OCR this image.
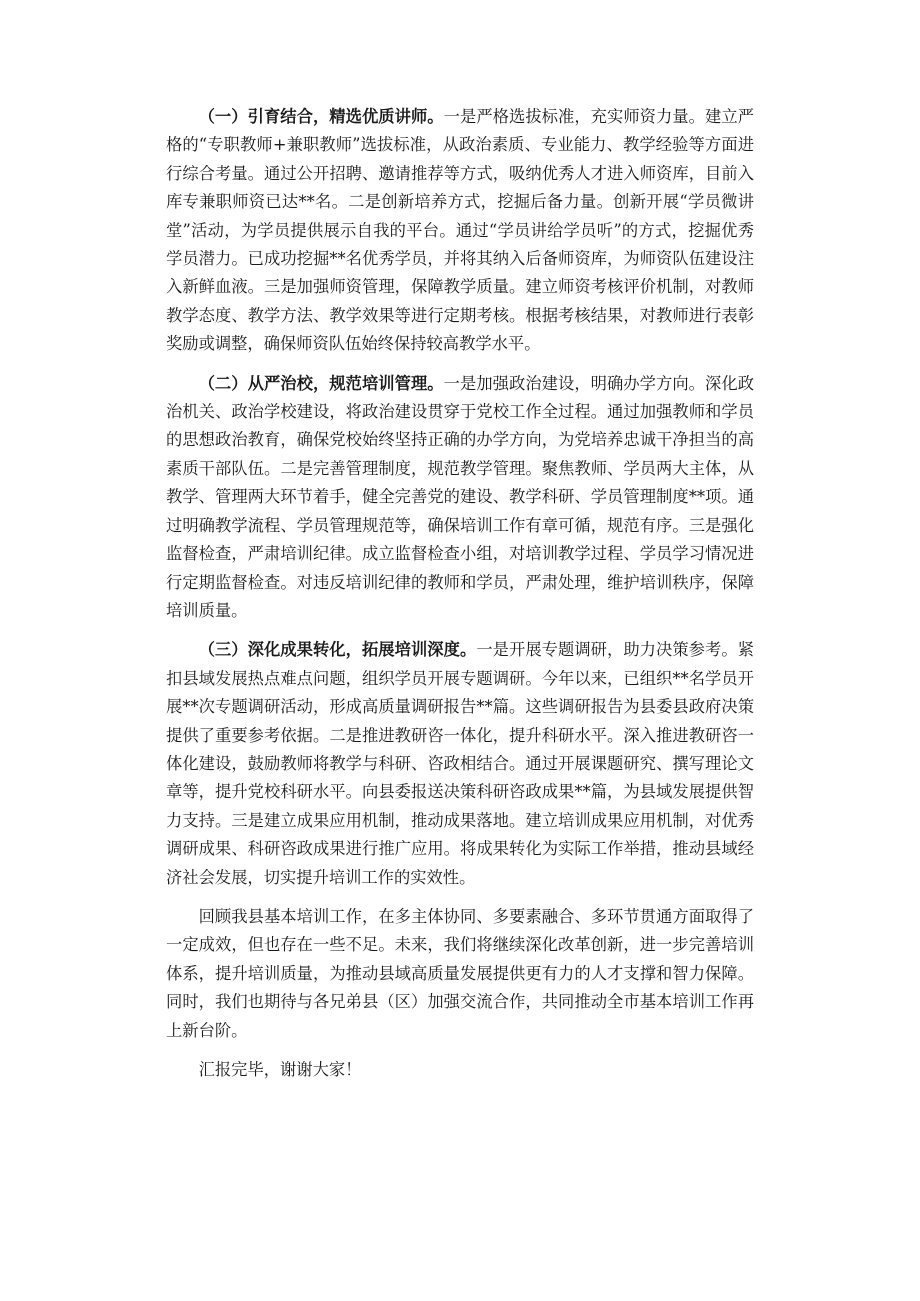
（一）引育结合，精选优质讲师。一是严格选拔标准，充实师资力量。建立严格的“专职教师+兼职教师”选拔标准，从政治素质、专业能力、教学经验等方面进行综合考量。通过公开招聘、邀请推荐等方式，吸纳优秀人才进入师资库，目前入库专兼职师资已达**名。二是创新培养方式，挖掘后备力量。创新开展“学员微讲堂”活动，为学员提供展示自我的平台。通过“学员讲给学员听”的方式，挖掘优秀学员潜力。已成功挖掘**名优秀学员，并将其纳入后备师资库，为师资队伍建设注入新鲜血液。三是加强师资管理，保障教学质量。建立师资考核评价机制，对教师教学态度、教学方法、教学效果等进行定期考核。根据考核结果，对教师进行表彰奖励或调整，确保师资队伍始终保持较高教学水平。

（二）从严治校，规范培训管理。一是加强政治建设，明确办学方向。深化政治机关、政治学校建设，将政治建设贯穿于党校工作全过程。通过加强教师和学员的思想政治教育，确保党校始终坚持正确的办学方向，为党培养忠诚干净担当的高素质干部队伍。二是完善管理制度，规范教学管理。聚焦教师、学员两大主体，从教学、管理两大环节着手，健全完善党的建设、教学科研、学员管理制度**项。通过明确教学流程、学员管理规范等，确保培训工作有章可循，规范有序。三是强化监督检查，严肃培训纪律。成立监督检查小组，对培训教学过程、学员学习情况进行定期监督检查。对违反培训纪律的教师和学员，严肃处理，维护培训秩序，保障培训质量。

（三）深化成果转化，拓展培训深度。一是开展专题调研，助力决策参考。紧扣县域发展热点难点问题，组织学员开展专题调研。今年以来，已组织**名学员开展**次专题调研活动，形成高质量调研报告**篇。这些调研报告为县委县政府决策提供了重要参考依据。二是推进教研咨一体化，提升科研水平。深入推进教研咨一体化建设，鼓励教师将教学与科研、咨政相结合。通过开展课题研究、撰写理论文章等，提升党校科研水平。向县委报送决策科研咨政成果**篇，为县域发展提供智力支持。三是建立成果应用机制，推动成果落地。建立培训成果应用机制，对优秀调研成果、科研咨政成果进行推广应用。将成果转化为实际工作举措，推动县域经济社会发展，切实提升培训工作的实效性。

回顾我县基本培训工作，在多主体协同、多要素融合、多环节贯通方面取得了一定成效，但也存在一些不足。未来，我们将继续深化改革创新，进一步完善培训体系，提升培训质量，为推动县域高质量发展提供更有力的人才支撑和智力保障。同时，我们也期待与各兄弟县（区）加强交流合作，共同推动全市基本培训工作再上新台阶。

汇报完毕，谢谢大家！
